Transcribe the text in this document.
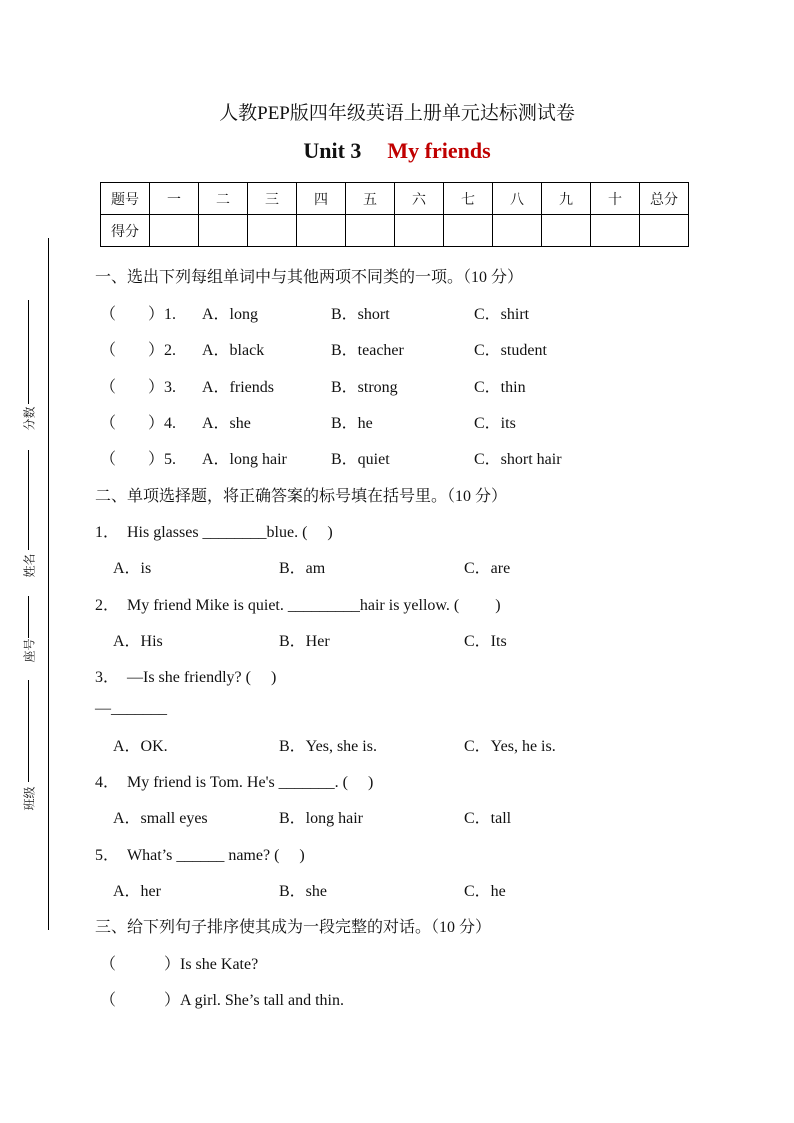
人教PEP版四年级英语上册单元达标测试卷
Unit 3 My friends
题号	一	二	三	四	五	六	七	八	九	十	总分
得分											
分数
姓名
座号
班级
一、选出下列每组单词中与其他两项不同类的一项。（10 分）
（　　）1. A．long	B．short	C．shirt
（　　）2. A．black	B．teacher	C．student
（　　）3. A．friends	B．strong	C．thin
（　　）4. A．she	B．he	C．its
（　　）5. A．long hair	B．quiet	C．short hair
二、单项选择题，将正确答案的标号填在括号里。（10 分）
1．　His glasses ________blue. (　 )
A．is	B．am	C．are
2．　My friend Mike is quiet. _________hair is yellow. (　　 )
A．His	B．Her	C．Its
3．　—Is she friendly? (　 )
—_______
A．OK.	B．Yes, she is.	C．Yes, he is.
4．　My friend is Tom. He's _______. (　 )
A．small eyes	B．long hair	C．tall
5．　What’s ______ name? (　 )
A．her	B．she	C．he
三、给下列句子排序使其成为一段完整的对话。（10 分）
（　　　）Is she Kate?
（　　　）A girl. She’s tall and thin.
